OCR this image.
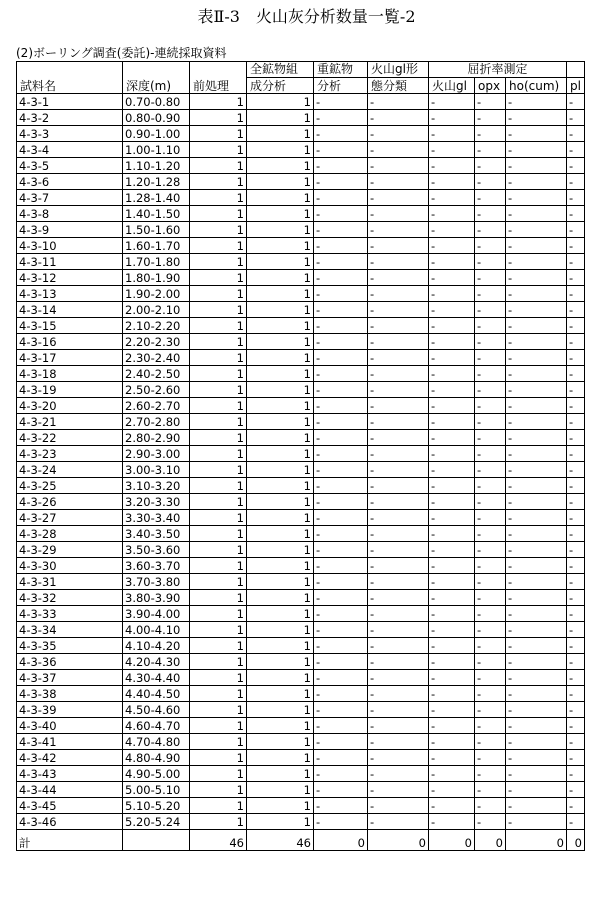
表Ⅱ-3　火山灰分析数量一覧-2
(2)ボーリング調査(委託)-連続採取資料
試料名	深度(m)	前処理	全鉱物組	重鉱物	火山gl形	屈折率測定			
			成分析	分析	態分類	火山gl	opx	ho(cum)	pl
4-3-1	0.70-0.80	1	1	-	-	-	-	-	-
4-3-2	0.80-0.90	1	1	-	-	-	-	-	-
4-3-3	0.90-1.00	1	1	-	-	-	-	-	-
4-3-4	1.00-1.10	1	1	-	-	-	-	-	-
4-3-5	1.10-1.20	1	1	-	-	-	-	-	-
4-3-6	1.20-1.28	1	1	-	-	-	-	-	-
4-3-7	1.28-1.40	1	1	-	-	-	-	-	-
4-3-8	1.40-1.50	1	1	-	-	-	-	-	-
4-3-9	1.50-1.60	1	1	-	-	-	-	-	-
4-3-10	1.60-1.70	1	1	-	-	-	-	-	-
4-3-11	1.70-1.80	1	1	-	-	-	-	-	-
4-3-12	1.80-1.90	1	1	-	-	-	-	-	-
4-3-13	1.90-2.00	1	1	-	-	-	-	-	-
4-3-14	2.00-2.10	1	1	-	-	-	-	-	-
4-3-15	2.10-2.20	1	1	-	-	-	-	-	-
4-3-16	2.20-2.30	1	1	-	-	-	-	-	-
4-3-17	2.30-2.40	1	1	-	-	-	-	-	-
4-3-18	2.40-2.50	1	1	-	-	-	-	-	-
4-3-19	2.50-2.60	1	1	-	-	-	-	-	-
4-3-20	2.60-2.70	1	1	-	-	-	-	-	-
4-3-21	2.70-2.80	1	1	-	-	-	-	-	-
4-3-22	2.80-2.90	1	1	-	-	-	-	-	-
4-3-23	2.90-3.00	1	1	-	-	-	-	-	-
4-3-24	3.00-3.10	1	1	-	-	-	-	-	-
4-3-25	3.10-3.20	1	1	-	-	-	-	-	-
4-3-26	3.20-3.30	1	1	-	-	-	-	-	-
4-3-27	3.30-3.40	1	1	-	-	-	-	-	-
4-3-28	3.40-3.50	1	1	-	-	-	-	-	-
4-3-29	3.50-3.60	1	1	-	-	-	-	-	-
4-3-30	3.60-3.70	1	1	-	-	-	-	-	-
4-3-31	3.70-3.80	1	1	-	-	-	-	-	-
4-3-32	3.80-3.90	1	1	-	-	-	-	-	-
4-3-33	3.90-4.00	1	1	-	-	-	-	-	-
4-3-34	4.00-4.10	1	1	-	-	-	-	-	-
4-3-35	4.10-4.20	1	1	-	-	-	-	-	-
4-3-36	4.20-4.30	1	1	-	-	-	-	-	-
4-3-37	4.30-4.40	1	1	-	-	-	-	-	-
4-3-38	4.40-4.50	1	1	-	-	-	-	-	-
4-3-39	4.50-4.60	1	1	-	-	-	-	-	-
4-3-40	4.60-4.70	1	1	-	-	-	-	-	-
4-3-41	4.70-4.80	1	1	-	-	-	-	-	-
4-3-42	4.80-4.90	1	1	-	-	-	-	-	-
4-3-43	4.90-5.00	1	1	-	-	-	-	-	-
4-3-44	5.00-5.10	1	1	-	-	-	-	-	-
4-3-45	5.10-5.20	1	1	-	-	-	-	-	-
4-3-46	5.20-5.24	1	1	-	-	-	-	-	-
計		46	46	0	0	0	0	0	0
